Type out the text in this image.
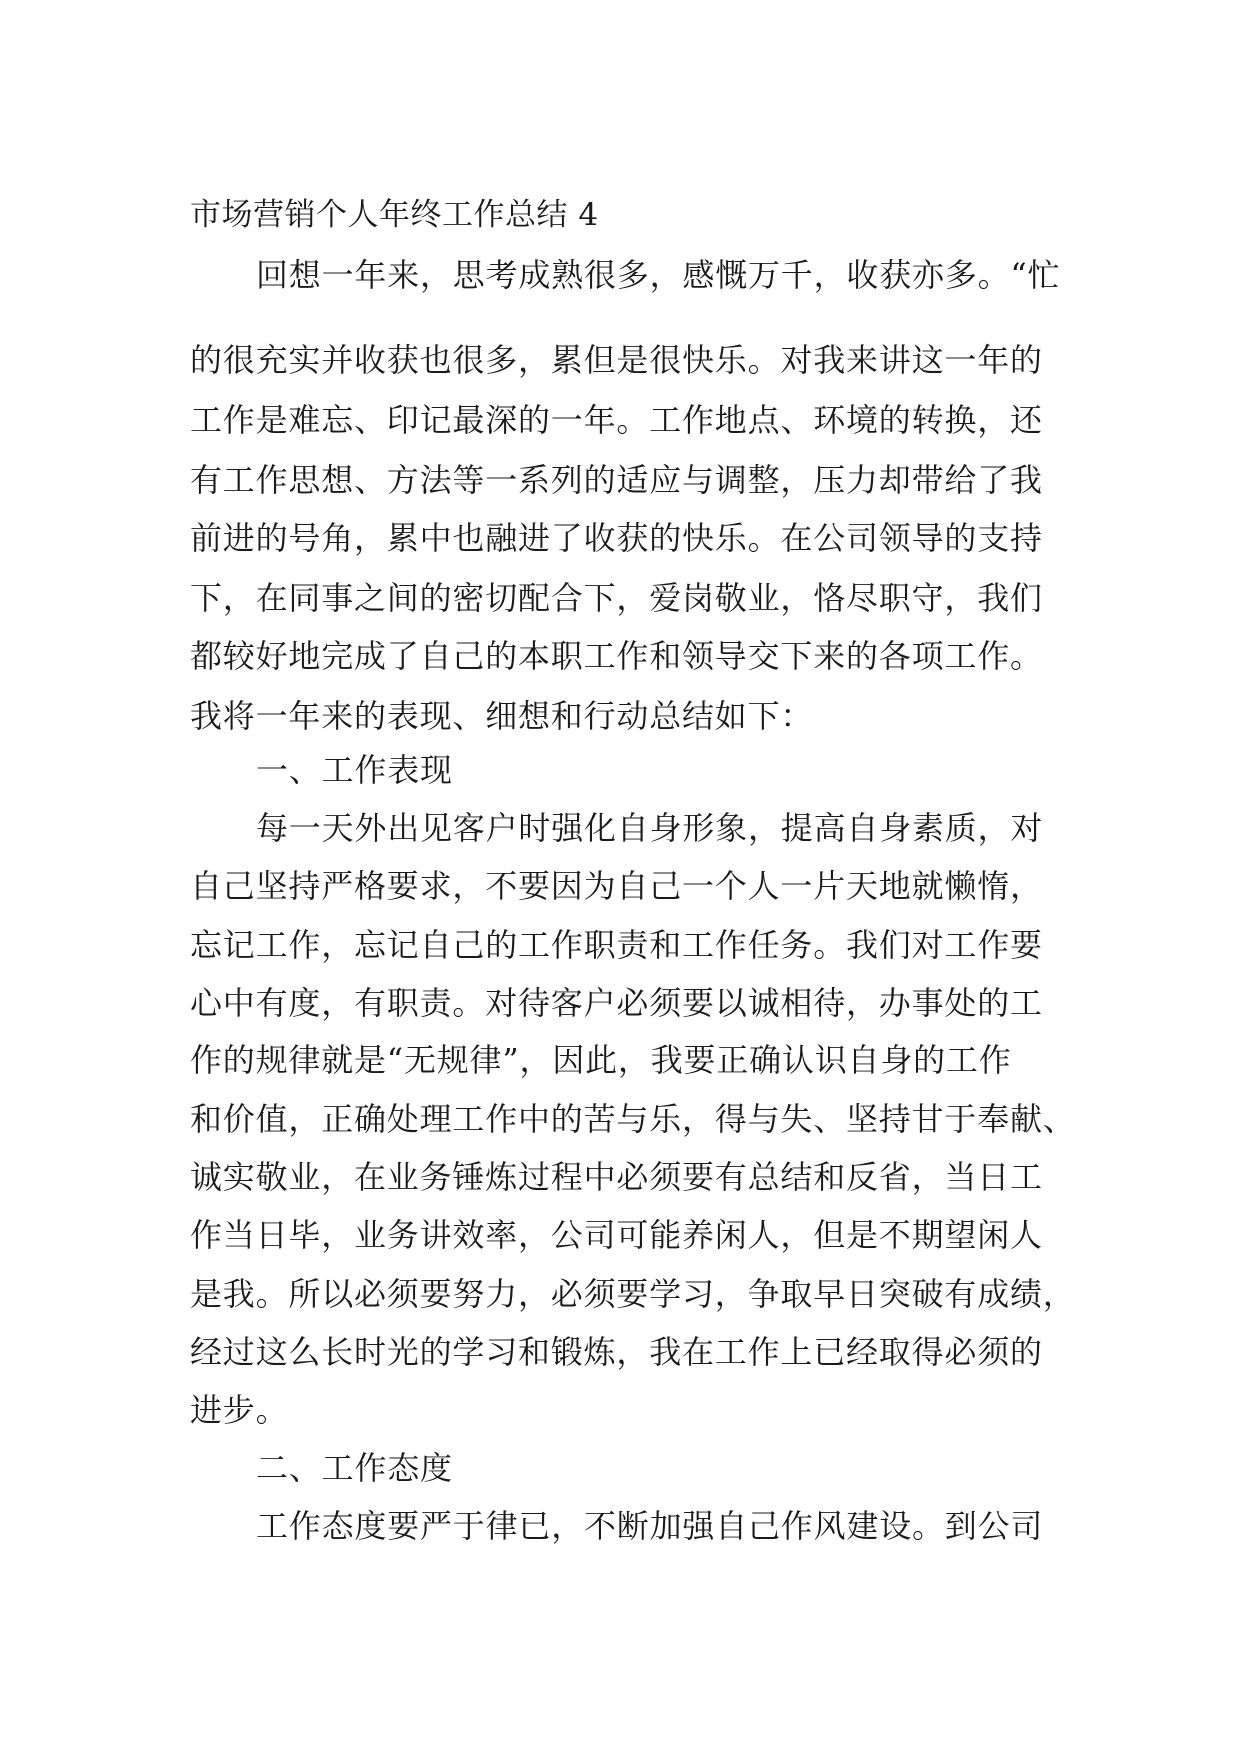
市场营销个人年终工作总结 4
回想一年来，思考成熟很多，感慨万千，收获亦多。“忙
的很充实并收获也很多，累但是很快乐。对我来讲这一年的
工作是难忘、印记最深的一年。工作地点、环境的转换，还
有工作思想、方法等一系列的适应与调整，压力却带给了我
前进的号角，累中也融进了收获的快乐。在公司领导的支持
下，在同事之间的密切配合下，爱岗敬业，恪尽职守，我们
都较好地完成了自己的本职工作和领导交下来的各项工作。
我将一年来的表现、细想和行动总结如下：
一、工作表现
每一天外出见客户时强化自身形象，提高自身素质，对
自己坚持严格要求，不要因为自己一个人一片天地就懒惰，
忘记工作，忘记自己的工作职责和工作任务。我们对工作要
心中有度，有职责。对待客户必须要以诚相待，办事处的工
作的规律就是“无规律”，因此，我要正确认识自身的工作
和价值，正确处理工作中的苦与乐，得与失、坚持甘于奉献、
诚实敬业，在业务锤炼过程中必须要有总结和反省，当日工
作当日毕，业务讲效率，公司可能养闲人，但是不期望闲人
是我。所以必须要努力，必须要学习，争取早日突破有成绩，
经过这么长时光的学习和锻炼，我在工作上已经取得必须的
进步。
二、工作态度
工作态度要严于律已，不断加强自己作风建设。到公司
